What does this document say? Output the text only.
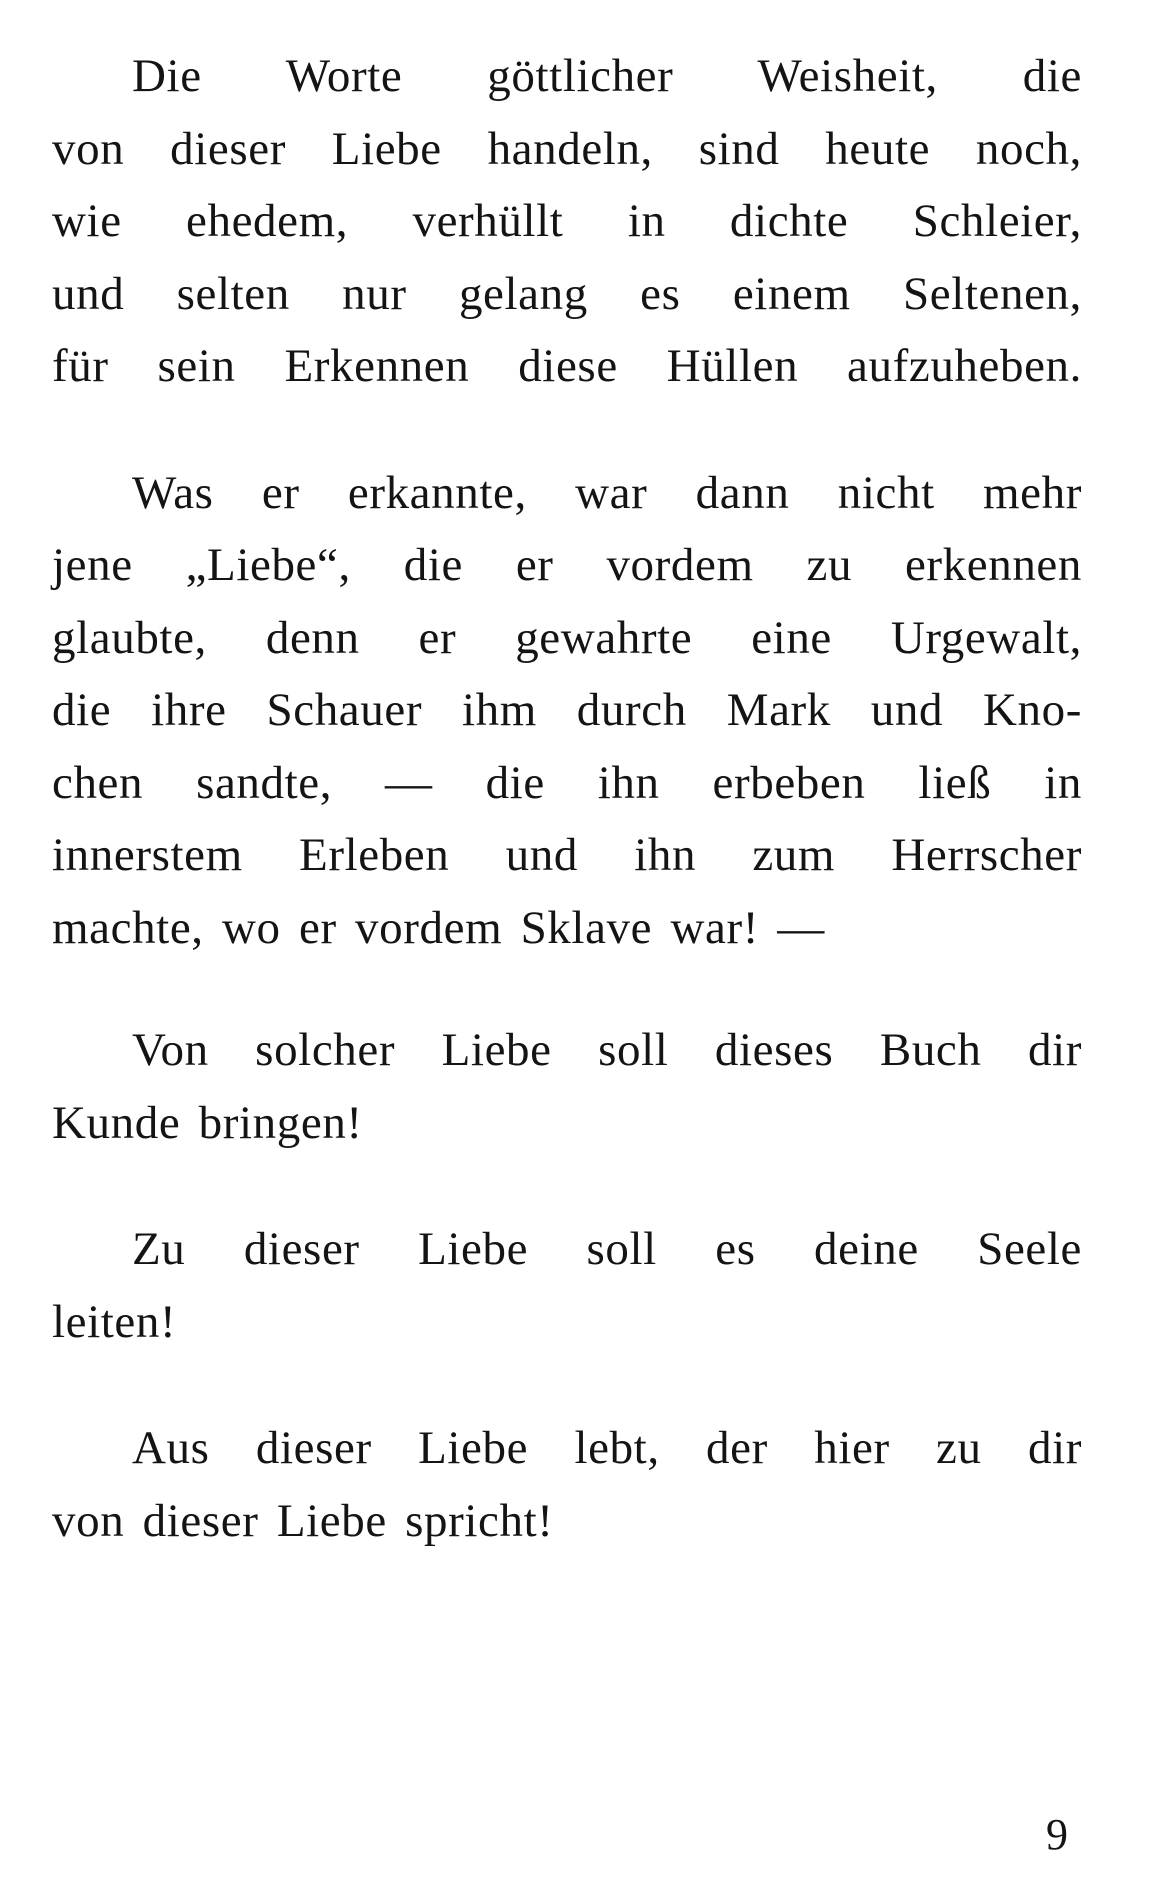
Die Worte göttlicher Weisheit, die
von dieser Liebe handeln, sind heute noch,
wie ehedem, verhüllt in dichte Schleier,
und selten nur gelang es einem Seltenen,
für sein Erkennen diese Hüllen aufzuheben.
Was er erkannte, war dann nicht mehr
jene „Liebe“, die er vordem zu erkennen
glaubte, denn er gewahrte eine Urgewalt,
die ihre Schauer ihm durch Mark und Kno-
chen sandte, — die ihn erbeben ließ in
innerstem Erleben und ihn zum Herrscher
machte, wo er vordem Sklave war! —
Von solcher Liebe soll dieses Buch dir
Kunde bringen!
Zu dieser Liebe soll es deine Seele
leiten!
Aus dieser Liebe lebt, der hier zu dir
von dieser Liebe spricht!
9
